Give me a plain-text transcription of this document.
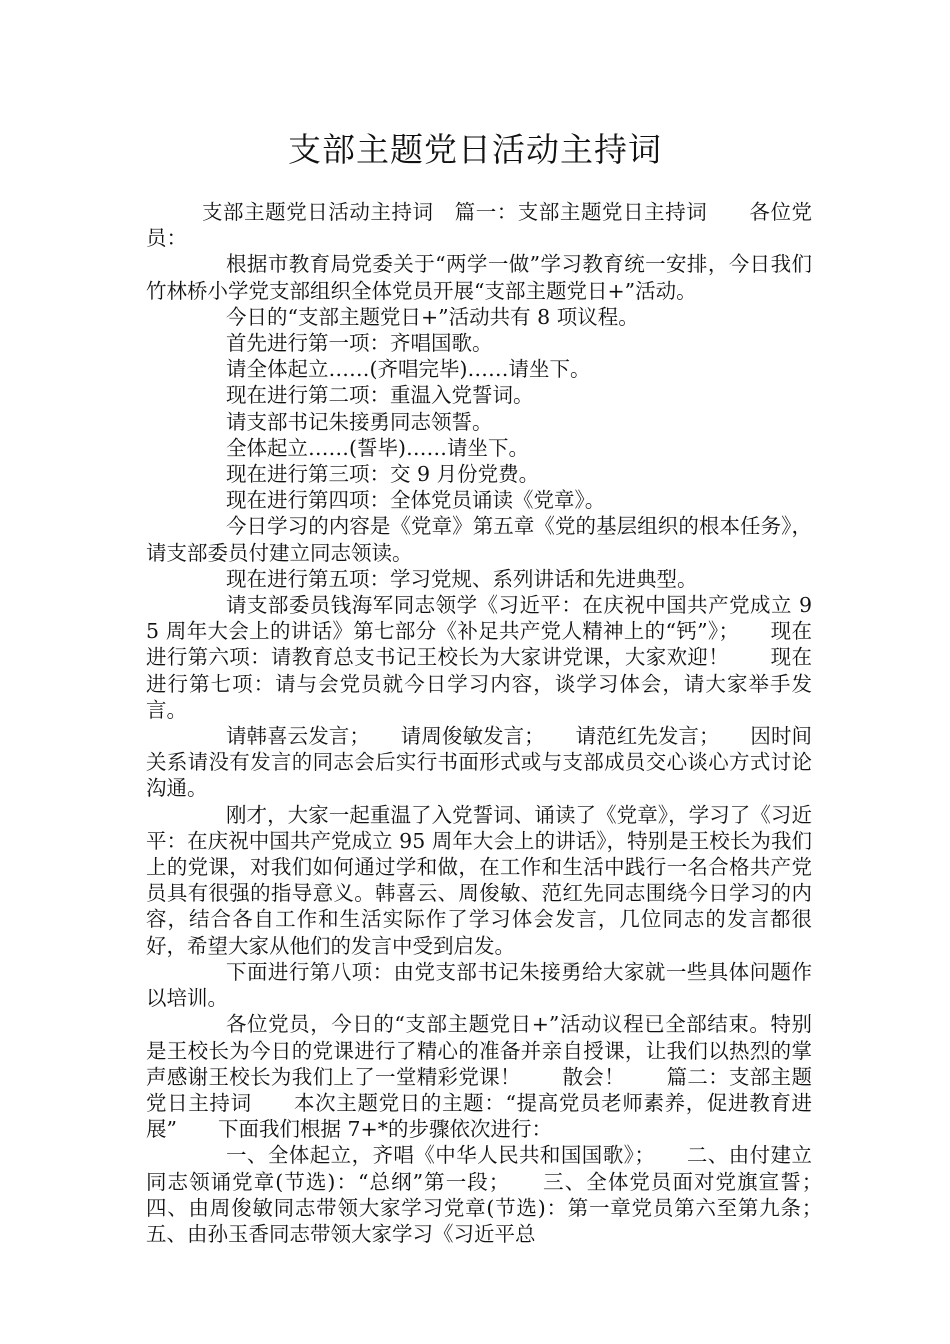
支部主题党日活动主持词

支部主题党日活动主持词　篇一：支部主题党日主持词　　各位党员：

根据市教育局党委关于“两学一做”学习教育统一安排，今日我们竹林桥小学党支部组织全体党员开展“支部主题党日+”活动。

今日的“支部主题党日+”活动共有 8 项议程。

首先进行第一项：齐唱国歌。

请全体起立……(齐唱完毕)……请坐下。

现在进行第二项：重温入党誓词。

请支部书记朱接勇同志领誓。

全体起立……(誓毕)……请坐下。

现在进行第三项：交 9 月份党费。

现在进行第四项：全体党员诵读《党章》。

今日学习的内容是《党章》第五章《党的基层组织的根本任务》，请支部委员付建立同志领读。

现在进行第五项：学习党规、系列讲话和先进典型。

请支部委员钱海军同志领学《习近平：在庆祝中国共产党成立 95 周年大会上的讲话》第七部分《补足共产党人精神上的“钙”》；　　现在进行第六项：请教育总支书记王校长为大家讲党课，大家欢迎！　　现在进行第七项：请与会党员就今日学习内容，谈学习体会，请大家举手发言。

请韩喜云发言；　　请周俊敏发言；　　请范红先发言；　　因时间关系请没有发言的同志会后实行书面形式或与支部成员交心谈心方式讨论沟通。

刚才，大家一起重温了入党誓词、诵读了《党章》，学习了《习近平：在庆祝中国共产党成立 95 周年大会上的讲话》，特别是王校长为我们上的党课，对我们如何通过学和做，在工作和生活中践行一名合格共产党员具有很强的指导意义。韩喜云、周俊敏、范红先同志围绕今日学习的内容，结合各自工作和生活实际作了学习体会发言，几位同志的发言都很好，希望大家从他们的发言中受到启发。

下面进行第八项：由党支部书记朱接勇给大家就一些具体问题作以培训。

各位党员，今日的“支部主题党日+”活动议程已全部结束。特别是王校长为今日的党课进行了精心的准备并亲自授课，让我们以热烈的掌声感谢王校长为我们上了一堂精彩党课！　　散会！　　篇二：支部主题党日主持词　　本次主题党日的主题：“提高党员老师素养，促进教育进展”　　下面我们根据 7+*的步骤依次进行：

一、全体起立，齐唱《中华人民共和国国歌》；　　二、由付建立同志领诵党章(节选)：“总纲”第一段；　　三、全体党员面对党旗宣誓；　　四、由周俊敏同志带领大家学习党章(节选)：第一章党员第六至第九条；　　五、由孙玉香同志带领大家学习《习近平总
